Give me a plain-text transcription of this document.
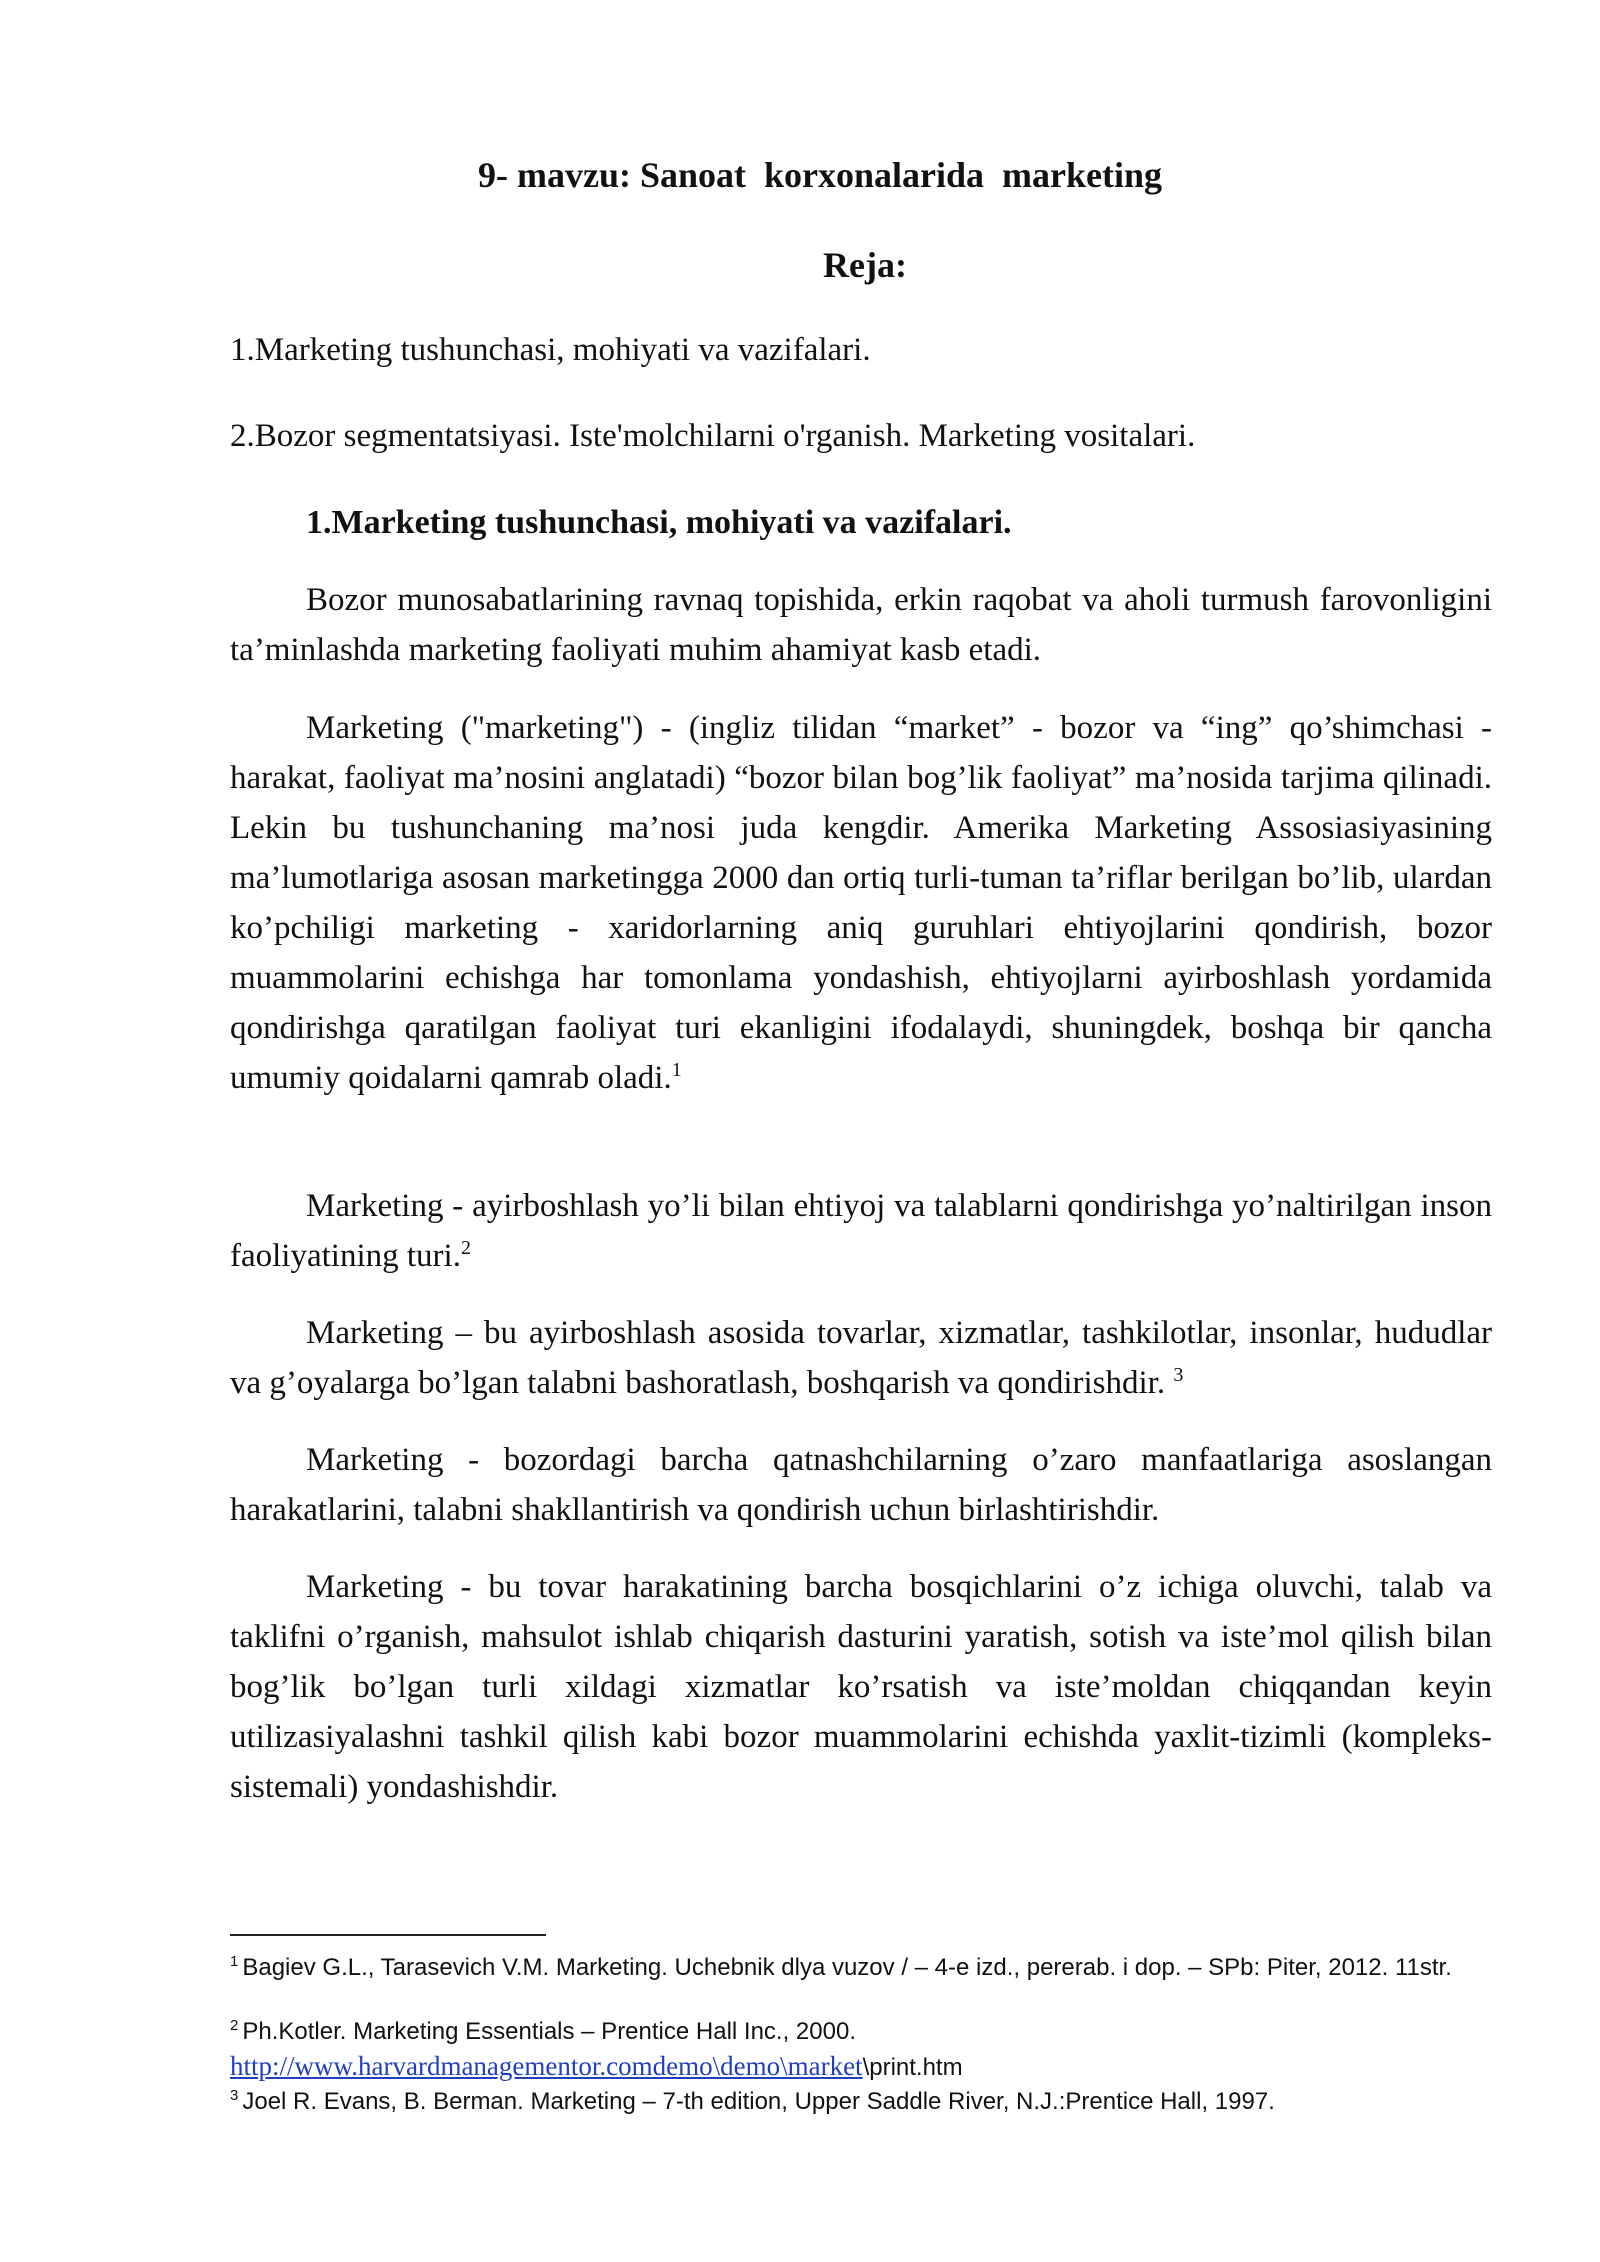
9- mavzu: Sanoat  korxonalarida  marketing
Reja:
1.Marketing tushunchasi, mohiyati va vazifalari.
2.Bozor segmentatsiyasi. Iste'molchilarni o'rganish. Marketing vositalari.
1.Marketing tushunchasi, mohiyati va vazifalari.

Bozor munosabatlarining ravnaq topishida, erkin raqobat va aholi turmush farovonligini ta’minlashda marketing faoliyati muhim ahamiyat kasb etadi.

Marketing ("marketing") - (ingliz tilidan “market” - bozor va “ing” qo’shimchasi - harakat, faoliyat ma’nosini anglatadi) “bozor bilan bog’lik faoliyat” ma’nosida tarjima qilinadi. Lekin bu tushunchaning ma’nosi juda kengdir. Amerika Marketing Assosiasiyasining ma’lumotlariga asosan marketingga 2000 dan ortiq turli-tuman ta’riflar berilgan bo’lib, ulardan ko’pchiligi marketing - xaridorlarning aniq guruhlari ehtiyojlarini qondirish, bozor muammolarini echishga har tomonlama yondashish, ehtiyojlarni ayirboshlash yordamida qondirishga qaratilgan faoliyat turi ekanligini ifodalaydi, shuningdek, boshqa bir qancha umumiy qoidalarni qamrab oladi.$^1$

Marketing - ayirboshlash yo’li bilan ehtiyoj va talablarni qondirishga yo’naltirilgan inson faoliyatining turi.$^2$

Marketing – bu ayirboshlash asosida tovarlar, xizmatlar, tashkilotlar, insonlar, hududlar va g’oyalarga bo’lgan talabni bashoratlash, boshqarish va qondirishdir. $^3$

Marketing - bozordagi barcha qatnashchilarning o’zaro manfaatlariga asoslangan harakatlarini, talabni shakllantirish va qondirish uchun birlashtirishdir.

Marketing - bu tovar harakatining barcha bosqichlarini o’z ichiga oluvchi, talab va taklifni o’rganish, mahsulot ishlab chiqarish dasturini yaratish, sotish va iste’mol qilish bilan bog’lik bo’lgan turli xildagi xizmatlar ko’rsatish va iste’moldan chiqqandan keyin utilizasiyalashni tashkil qilish kabi bozor muammolarini echishda yaxlit-tizimli (kompleks-sistemali) yondashishdir.

$^1$ Bagiev G.L., Tarasevich V.M. Marketing. Uchebnik dlya vuzov / – 4-e izd., pererab. i dop. – SPb: Piter, 2012. 11str.
$^2$ Ph.Kotler. Marketing Essentials – Prentice Hall Inc., 2000. http://www.harvardmanagementor.comdemo\demo\market\print.htm
$^3$ Joel R. Evans, B. Berman. Marketing – 7-th edition, Upper Saddle River, N.J.:Prentice Hall, 1997.
